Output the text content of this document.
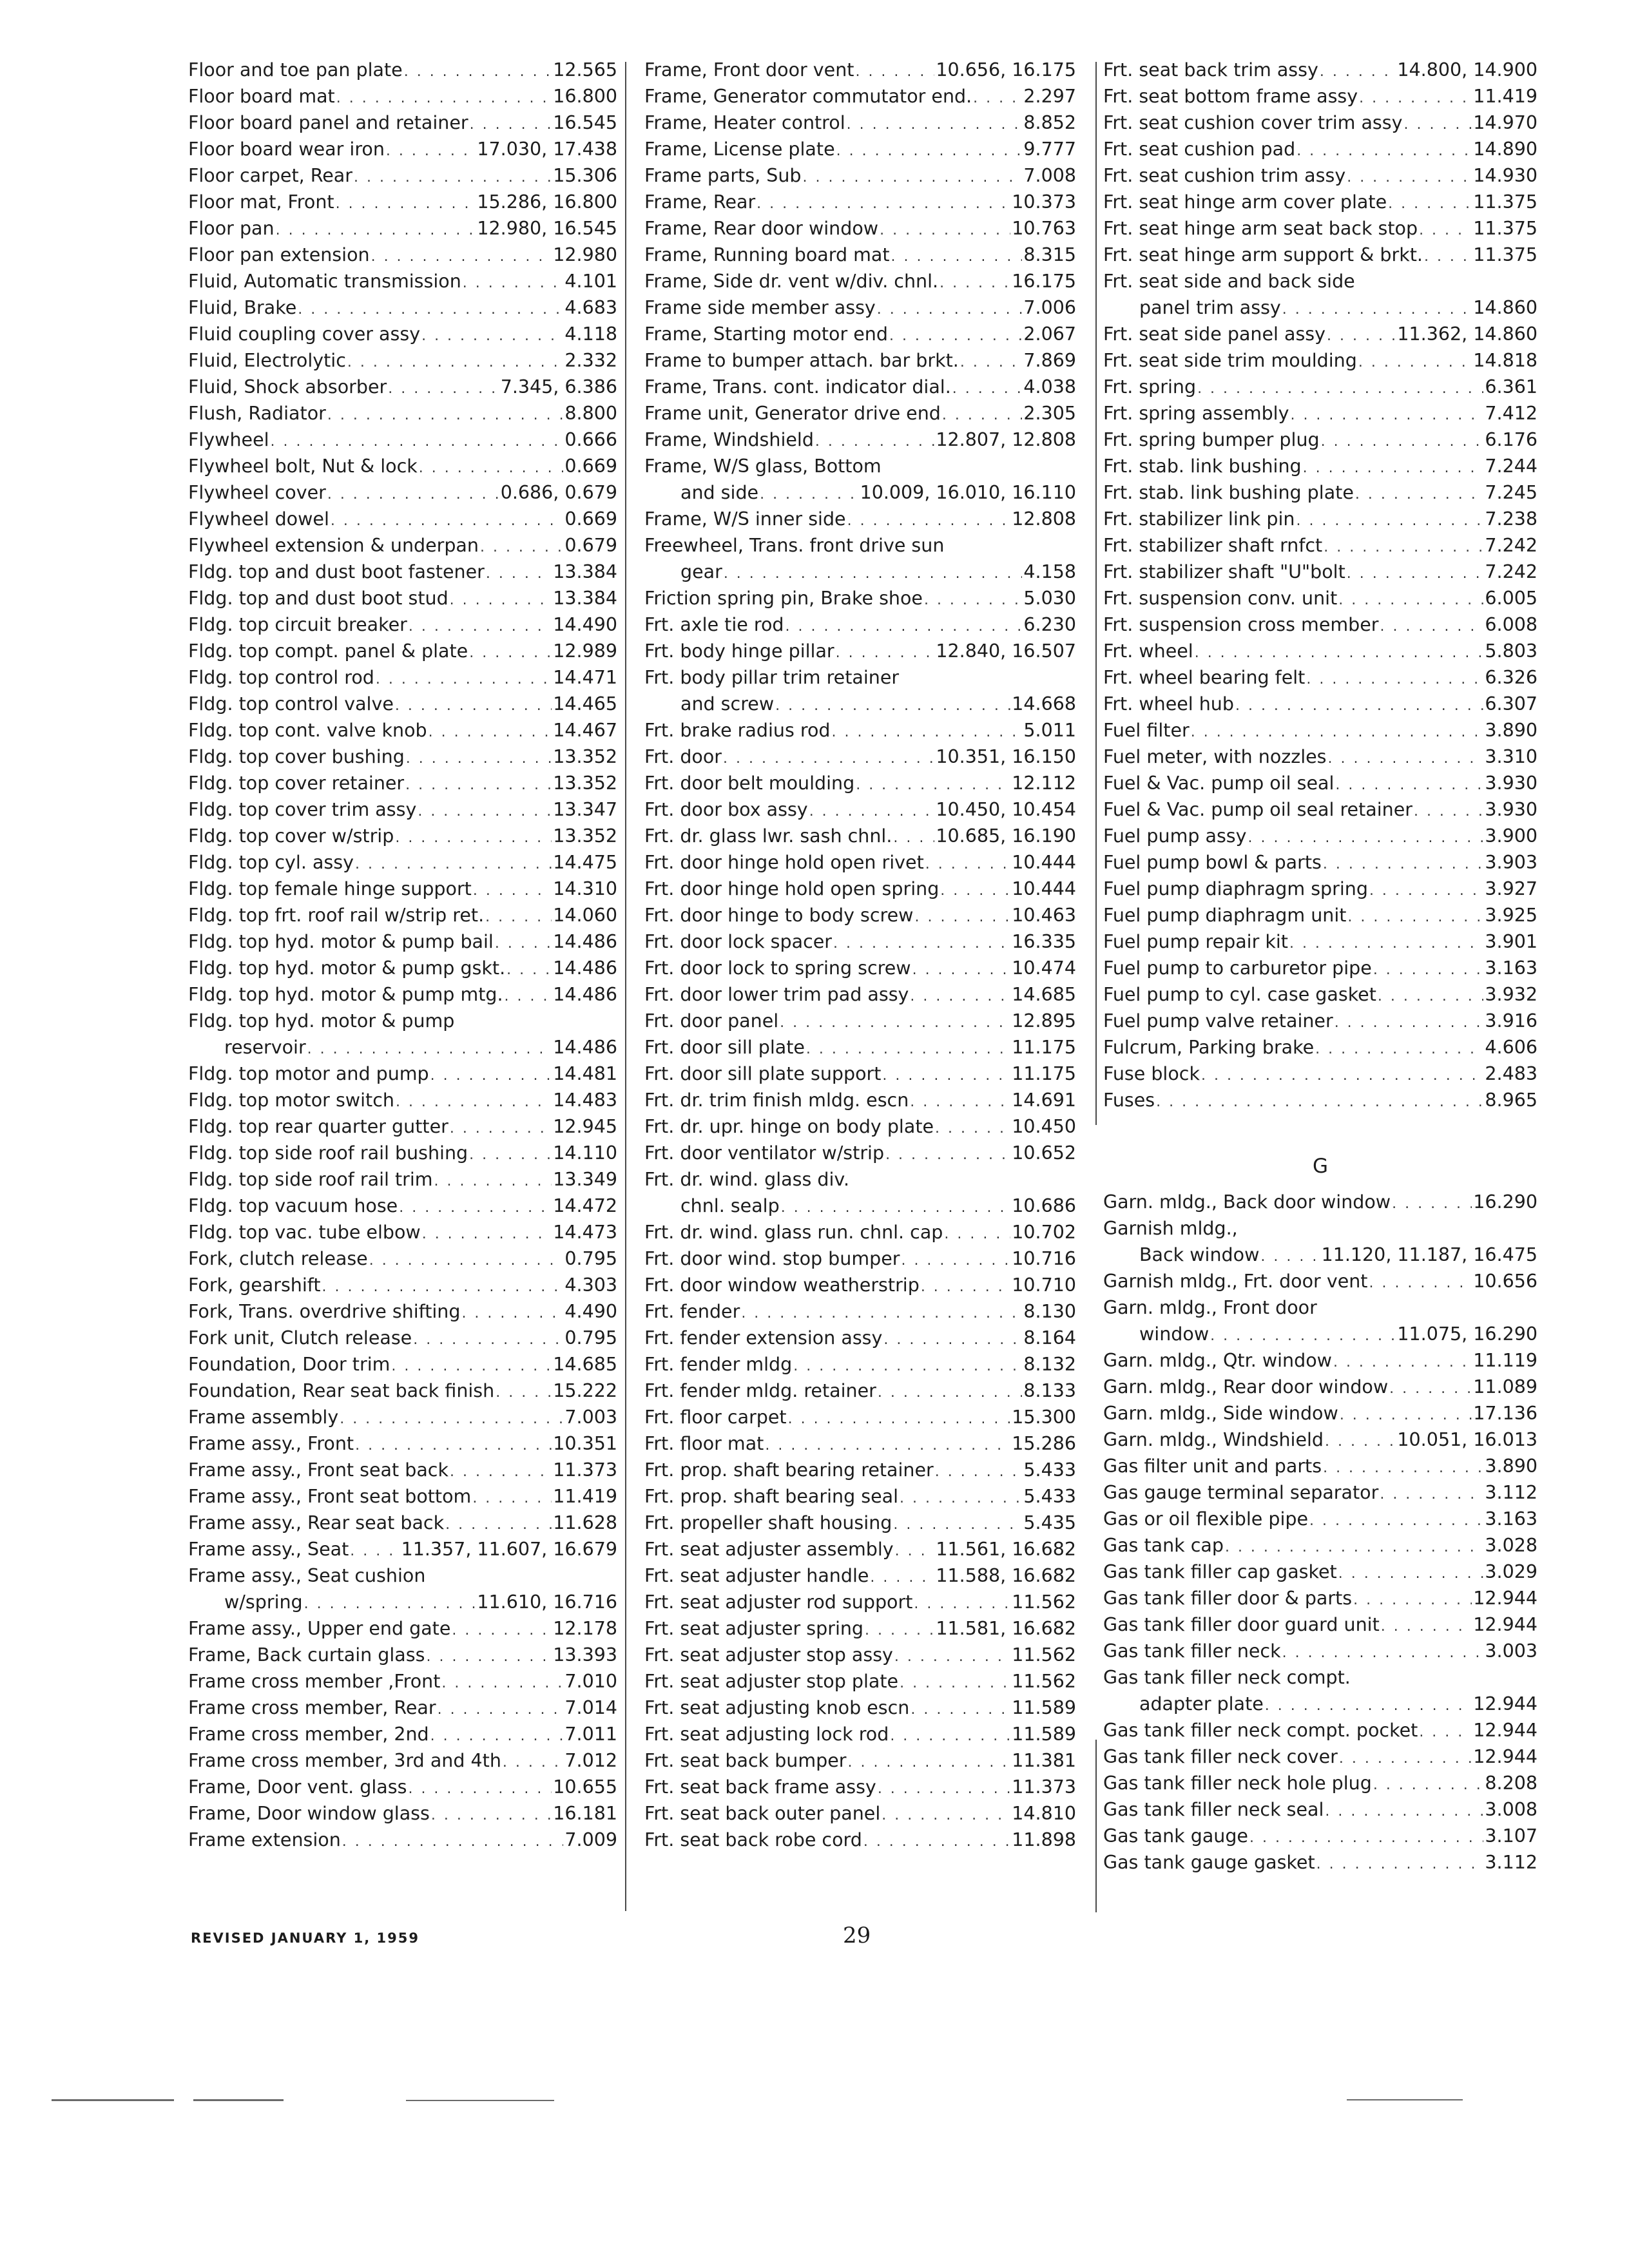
Floor and toe pan plate . . .	12.565
Floor board mat . . .	16.800
Floor board panel and retainer . . .	16.545
Floor board wear iron . . .	17.030, 17.438
Floor carpet, Rear . . .	15.306
Floor mat, Front . . .	15.286, 16.800
Floor pan . . .	12.980, 16.545
Floor pan extension . . .	12.980
Fluid, Automatic transmission . . .	4.101
Fluid, Brake . . .	4.683
Fluid coupling cover assy . . .	4.118
Fluid, Electrolytic . . .	2.332
Fluid, Shock absorber . . .	7.345, 6.386
Flush, Radiator . . .	8.800
Flywheel . . .	0.666
Flywheel bolt, Nut & lock . . .	0.669
Flywheel cover . . .	0.686, 0.679
Flywheel dowel . . .	0.669
Flywheel extension & underpan . . .	0.679
Fldg. top and dust boot fastener . . .	13.384
Fldg. top and dust boot stud . . .	13.384
Fldg. top circuit breaker . . .	14.490
Fldg. top compt. panel & plate . . .	12.989
Fldg. top control rod . . .	14.471
Fldg. top control valve . . .	14.465
Fldg. top cont. valve knob . . .	14.467
Fldg. top cover bushing . . .	13.352
Fldg. top cover retainer . . .	13.352
Fldg. top cover trim assy . . .	13.347
Fldg. top cover w/strip . . .	13.352
Fldg. top cyl. assy . . .	14.475
Fldg. top female hinge support . . .	14.310
Fldg. top frt. roof rail w/strip ret. . . .	14.060
Fldg. top hyd. motor & pump bail . . .	14.486
Fldg. top hyd. motor & pump gskt. . . .	14.486
Fldg. top hyd. motor & pump mtg. . . .	14.486
Fldg. top hyd. motor & pump
reservoir . . .	14.486
Fldg. top motor and pump . . .	14.481
Fldg. top motor switch . . .	14.483
Fldg. top rear quarter gutter . . .	12.945
Fldg. top side roof rail bushing . . .	14.110
Fldg. top side roof rail trim . . .	13.349
Fldg. top vacuum hose . . .	14.472
Fldg. top vac. tube elbow . . .	14.473
Fork, clutch release . . .	0.795
Fork, gearshift . . .	4.303
Fork, Trans. overdrive shifting . . .	4.490
Fork unit, Clutch release . . .	0.795
Foundation, Door trim . . .	14.685
Foundation, Rear seat back finish . . .	15.222
Frame assembly . . .	7.003
Frame assy., Front . . .	10.351
Frame assy., Front seat back . . .	11.373
Frame assy., Front seat bottom . . .	11.419
Frame assy., Rear seat back . . .	11.628
Frame assy., Seat . . .	11.357, 11.607, 16.679
Frame assy., Seat cushion
w/spring . . .	11.610, 16.716
Frame assy., Upper end gate . . .	12.178
Frame, Back curtain glass . . .	13.393
Frame cross member ,Front . . .	7.010
Frame cross member, Rear . . .	7.014
Frame cross member, 2nd . . .	7.011
Frame cross member, 3rd and 4th . . .	7.012
Frame, Door vent. glass . . .	10.655
Frame, Door window glass . . .	16.181
Frame extension . . .	7.009
Frame, Front door vent . . .	10.656, 16.175
Frame, Generator commutator end. . . .	2.297
Frame, Heater control . . .	8.852
Frame, License plate . . .	9.777
Frame parts, Sub . . .	7.008
Frame, Rear . . .	10.373
Frame, Rear door window . . .	10.763
Frame, Running board mat . . .	8.315
Frame, Side dr. vent w/div. chnl. . . .	16.175
Frame side member assy . . .	7.006
Frame, Starting motor end . . .	2.067
Frame to bumper attach. bar brkt. . . .	7.869
Frame, Trans. cont. indicator dial. . . .	4.038
Frame unit, Generator drive end . . .	2.305
Frame, Windshield . . .	12.807, 12.808
Frame, W/S glass, Bottom
and side . . .	10.009, 16.010, 16.110
Frame, W/S inner side . . .	12.808
Freewheel, Trans. front drive sun
gear . . .	4.158
Friction spring pin, Brake shoe . . .	5.030
Frt. axle tie rod . . .	6.230
Frt. body hinge pillar . . .	12.840, 16.507
Frt. body pillar trim retainer
and screw . . .	14.668
Frt. brake radius rod . . .	5.011
Frt. door . . .	10.351, 16.150
Frt. door belt moulding . . .	12.112
Frt. door box assy . . .	10.450, 10.454
Frt. dr. glass lwr. sash chnl. . . . 10.685, 16.190
Frt. door hinge hold open rivet . . .	10.444
Frt. door hinge hold open spring . . .	10.444
Frt. door hinge to body screw . . .	10.463
Frt. door lock spacer . . .	16.335
Frt. door lock to spring screw . . .	10.474
Frt. door lower trim pad assy . . .	14.685
Frt. door panel . . .	12.895
Frt. door sill plate . . .	11.175
Frt. door sill plate support . . .	11.175
Frt. dr. trim finish mldg. escn . . .	14.691
Frt. dr. upr. hinge on body plate . . .	10.450
Frt. door ventilator w/strip . . .	10.652
Frt. dr. wind. glass div.
chnl. sealp . . .	10.686
Frt. dr. wind. glass run. chnl. cap . . .	10.702
Frt. door wind. stop bumper . . .	10.716
Frt. door window weatherstrip . . .	10.710
Frt. fender . . .	8.130
Frt. fender extension assy . . .	8.164
Frt. fender mldg . . .	8.132
Frt. fender mldg. retainer . . .	8.133
Frt. floor carpet . . .	15.300
Frt. floor mat . . .	15.286
Frt. prop. shaft bearing retainer . . .	5.433
Frt. prop. shaft bearing seal . . .	5.433
Frt. propeller shaft housing . . .	5.435
Frt. seat adjuster assembly . . . 11.561, 16.682
Frt. seat adjuster handle . . .	11.588, 16.682
Frt. seat adjuster rod support . . .	11.562
Frt. seat adjuster spring . . .	11.581, 16.682
Frt. seat adjuster stop assy . . .	11.562
Frt. seat adjuster stop plate . . .	11.562
Frt. seat adjusting knob escn . . .	11.589
Frt. seat adjusting lock rod . . .	11.589
Frt. seat back bumper . . .	11.381
Frt. seat back frame assy . . .	11.373
Frt. seat back outer panel . . .	14.810
Frt. seat back robe cord . . .	11.898
Frt. seat back trim assy . . .	14.800, 14.900
Frt. seat bottom frame assy . . .	11.419
Frt. seat cushion cover trim assy . . .	14.970
Frt. seat cushion pad . . .	14.890
Frt. seat cushion trim assy . . .	14.930
Frt. seat hinge arm cover plate . . .	11.375
Frt. seat hinge arm seat back stop . . .	11.375
Frt. seat hinge arm support & brkt. . . .	11.375
Frt. seat side and back side
panel trim assy . . .	14.860
Frt. seat side panel assy . . .	11.362, 14.860
Frt. seat side trim moulding . . .	14.818
Frt. spring . . .	6.361
Frt. spring assembly . . .	7.412
Frt. spring bumper plug . . .	6.176
Frt. stab. link bushing . . .	7.244
Frt. stab. link bushing plate . . .	7.245
Frt. stabilizer link pin . . .	7.238
Frt. stabilizer shaft rnfct . . .	7.242
Frt. stabilizer shaft "U"bolt . . .	7.242
Frt. suspension conv. unit . . .	6.005
Frt. suspension cross member . . .	6.008
Frt. wheel . . .	5.803
Frt. wheel bearing felt . . .	6.326
Frt. wheel hub . . .	6.307
Fuel filter . . .	3.890
Fuel meter, with nozzles . . .	3.310
Fuel & Vac. pump oil seal . . .	3.930
Fuel & Vac. pump oil seal retainer . . .	3.930
Fuel pump assy . . .	3.900
Fuel pump bowl & parts . . .	3.903
Fuel pump diaphragm spring . . .	3.927
Fuel pump diaphragm unit . . .	3.925
Fuel pump repair kit . . .	3.901
Fuel pump to carburetor pipe . . .	3.163
Fuel pump to cyl. case gasket . . .	3.932
Fuel pump valve retainer . . .	3.916
Fulcrum, Parking brake . . .	4.606
Fuse block . . .	2.483
Fuses . . .	8.965
G
Garn. mldg., Back door window . . .	16.290
Garnish mldg.,
Back window . . .	11.120, 11.187, 16.475
Garnish mldg., Frt. door vent . . .	10.656
Garn. mldg., Front door
window . . .	11.075, 16.290
Garn. mldg., Qtr. window . . .	11.119
Garn. mldg., Rear door window . . .	11.089
Garn. mldg., Side window . . .	17.136
Garn. mldg., Windshield . . .	10.051, 16.013
Gas filter unit and parts . . .	3.890
Gas gauge terminal separator . . .	3.112
Gas or oil flexible pipe . . .	3.163
Gas tank cap . . .	3.028
Gas tank filler cap gasket . . .	3.029
Gas tank filler door & parts . . .	12.944
Gas tank filler door guard unit . . .	12.944
Gas tank filler neck . . .	3.003
Gas tank filler neck compt.
adapter plate . . .	12.944
Gas tank filler neck compt. pocket . . .	12.944
Gas tank filler neck cover . . .	12.944
Gas tank filler neck hole plug . . .	8.208
Gas tank filler neck seal . . .	3.008
Gas tank gauge . . .	3.107
Gas tank gauge gasket . . .	3.112
REVISED JANUARY 1, 1959	29
